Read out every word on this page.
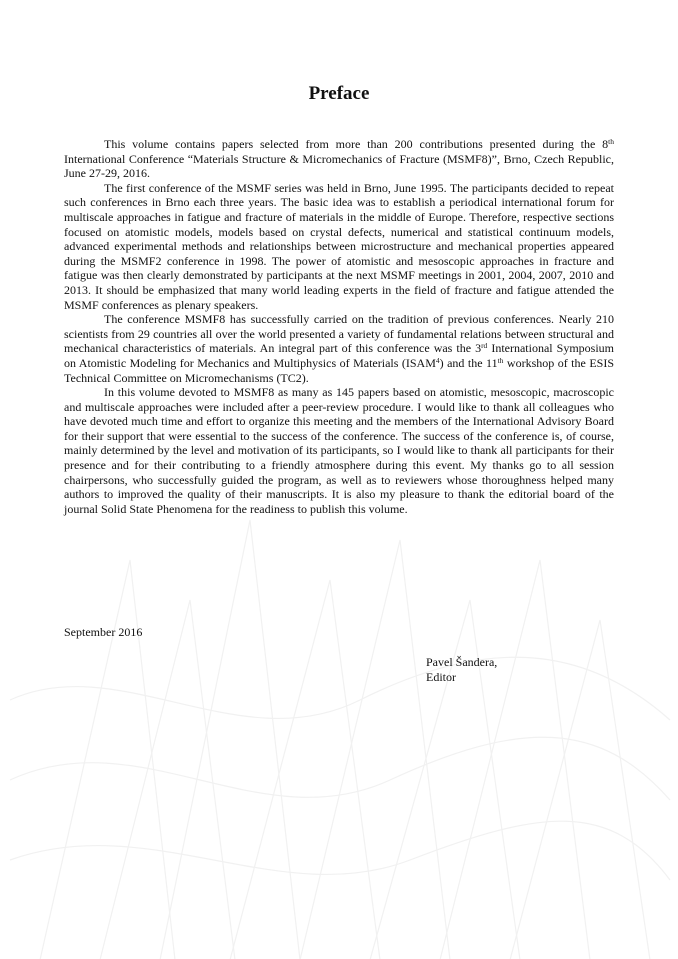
Preface

This volume contains papers selected from more than 200 contributions presented during the 8th International Conference “Materials Structure & Micromechanics of Fracture (MSMF8)”, Brno, Czech Republic, June 27-29, 2016.

The first conference of the MSMF series was held in Brno, June 1995. The participants decided to repeat such conferences in Brno each three years. The basic idea was to establish a periodical international forum for multiscale approaches in fatigue and fracture of materials in the middle of Europe. Therefore, respective sections focused on atomistic models, models based on crystal defects, numerical and statistical continuum models, advanced experimental methods and relationships between microstructure and mechanical properties appeared during the MSMF2 conference in 1998. The power of atomistic and mesoscopic approaches in fracture and fatigue was then clearly demonstrated by participants at the next MSMF meetings in 2001, 2004, 2007, 2010 and 2013. It should be emphasized that many world leading experts in the field of fracture and fatigue attended the MSMF conferences as plenary speakers.

The conference MSMF8 has successfully carried on the tradition of previous conferences. Nearly 210 scientists from 29 countries all over the world presented a variety of fundamental relations between structural and mechanical characteristics of materials. An integral part of this conference was the 3rd International Symposium on Atomistic Modeling for Mechanics and Multiphysics of Materials (ISAM$^4$) and the 11th workshop of the ESIS Technical Committee on Micromechanisms (TC2).

In this volume devoted to MSMF8 as many as 145 papers based on atomistic, mesoscopic, macroscopic and multiscale approaches were included after a peer-review procedure. I would like to thank all colleagues who have devoted much time and effort to organize this meeting and the members of the International Advisory Board for their support that were essential to the success of the conference. The success of the conference is, of course, mainly determined by the level and motivation of its participants, so I would like to thank all participants for their presence and for their contributing to a friendly atmosphere during this event. My thanks go to all session chairpersons, who successfully guided the program, as well as to reviewers whose thoroughness helped many authors to improved the quality of their manuscripts. It is also my pleasure to thank the editorial board of the journal Solid State Phenomena for the readiness to publish this volume.

September 2016

Pavel Šandera,
Editor
